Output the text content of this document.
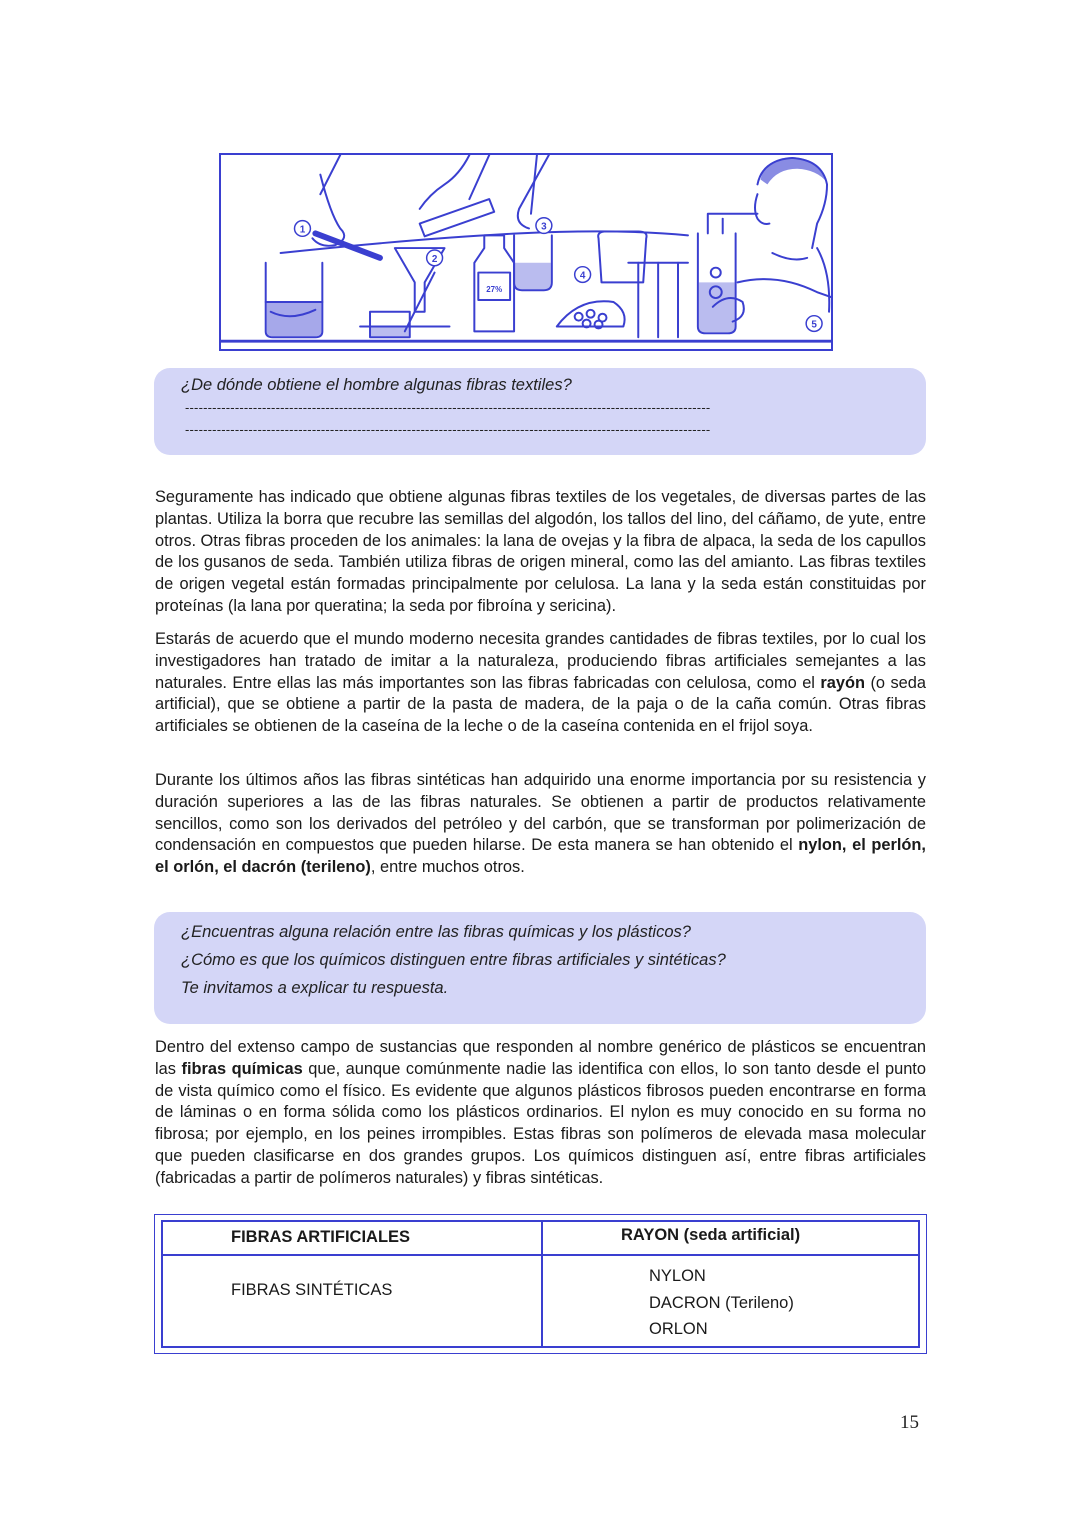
1
2
3
4
5
27%
¿De dónde obtiene el hombre algunas fibras textiles?
--------------------------------------------------------------------------------------------------------------------
--------------------------------------------------------------------------------------------------------------------
Seguramente has indicado que obtiene algunas fibras textiles de los vegetales, de diversas partes de las plantas. Utiliza la borra que recubre las semillas del algodón, los tallos del lino, del cáñamo, de yute, entre otros. Otras fibras proceden de los animales: la lana de ovejas y la fibra de alpaca, la seda de los capullos de los gusanos de seda. También utiliza fibras de origen mineral, como las del amianto. Las fibras textiles de origen vegetal están formadas principalmente por celulosa. La lana y la seda están constituidas por proteínas (la lana por queratina; la seda por fibroína y sericina).
Estarás de acuerdo que el mundo moderno necesita grandes cantidades de fibras textiles, por lo cual los investigadores han tratado de imitar a la naturaleza, produciendo fibras artificiales semejantes a las naturales. Entre ellas las más importantes son las fibras fabricadas con celulosa, como el rayón (o seda artificial), que se obtiene a partir de la pasta de madera, de la paja o de la caña común. Otras fibras artificiales se obtienen de la caseína de la leche o de la caseína contenida en el frijol soya.
Durante los últimos años las fibras sintéticas han adquirido una enorme importancia por su resistencia y duración superiores a las de las fibras naturales. Se obtienen a partir de productos relativamente sencillos, como son los derivados del petróleo y del carbón, que se transforman por polimerización de condensación en compuestos que pueden hilarse. De esta manera se han obtenido el nylon, el perlón, el orlón, el dacrón (terileno), entre muchos otros.
¿Encuentras alguna relación entre las fibras químicas y los plásticos?
¿Cómo es que los químicos distinguen entre fibras artificiales y sintéticas?
Te invitamos a explicar tu respuesta.
Dentro del extenso campo de sustancias que responden al nombre genérico de plásticos se encuentran las fibras químicas que, aunque comúnmente nadie las identifica con ellos, lo son tanto desde el punto de vista químico como el físico. Es evidente que algunos plásticos fibrosos pueden encontrarse en forma de láminas o en forma sólida como los plásticos ordinarios. El nylon es muy conocido en su forma no fibrosa; por ejemplo, en los peines irrompibles. Estas fibras son polímeros de elevada masa molecular que pueden clasificarse en dos grandes grupos. Los químicos distinguen así, entre fibras artificiales (fabricadas a partir de polímeros naturales) y fibras sintéticas.
FIBRAS ARTIFICIALES	RAYON (seda artificial)
FIBRAS SINTÉTICAS
NYLON
DACRON (Terileno)
ORLON
15
